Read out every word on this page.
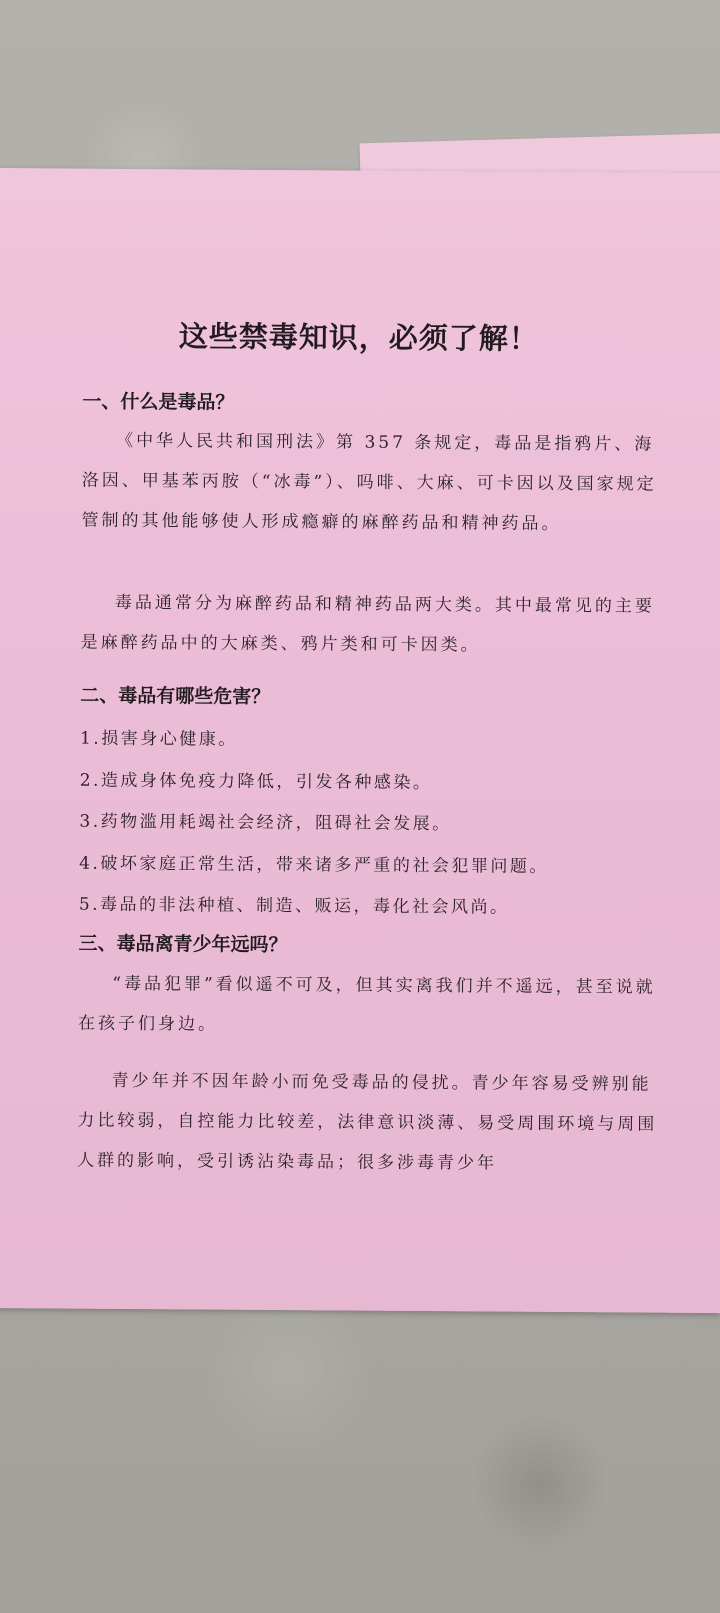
这些禁毒知识，必须了解！
一、什么是毒品？
《中华人民共和国刑法》第 357 条规定，毒品是指鸦片、海洛因、甲基苯丙胺（“冰毒”）、吗啡、大麻、可卡因以及国家规定管制的其他能够使人形成瘾癖的麻醉药品和精神药品。
毒品通常分为麻醉药品和精神药品两大类。其中最常见的主要是麻醉药品中的大麻类、鸦片类和可卡因类。
二、毒品有哪些危害？
1.损害身心健康。
2.造成身体免疫力降低，引发各种感染。
3.药物滥用耗竭社会经济，阻碍社会发展。
4.破坏家庭正常生活，带来诸多严重的社会犯罪问题。
5.毒品的非法种植、制造、贩运，毒化社会风尚。
三、毒品离青少年远吗？
“毒品犯罪”看似遥不可及，但其实离我们并不遥远，甚至说就在孩子们身边。
青少年并不因年龄小而免受毒品的侵扰。青少年容易受辨别能力比较弱，自控能力比较差，法律意识淡薄、易受周围环境与周围人群的影响，受引诱沾染毒品；很多涉毒青少年
